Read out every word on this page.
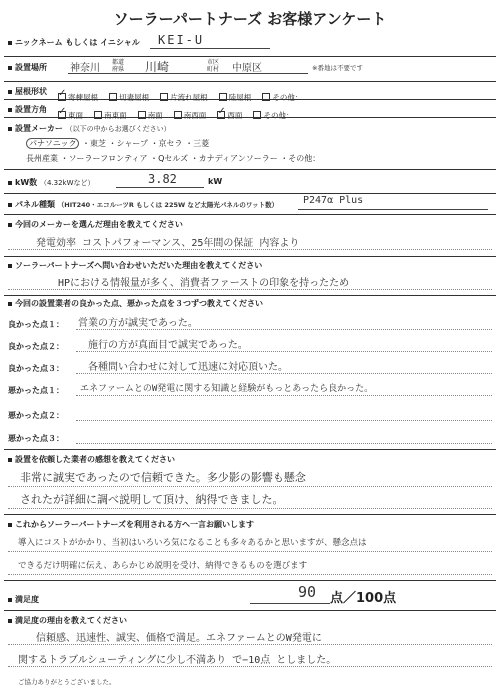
ソーラーパートナーズ お客様アンケート
ニックネーム もしくは イニシャル KEI-U
設置場所 神奈川
都道府県 川崎	市区町村 中原区	※番地は不要です
屋根形状
✓寄棟屋根	切妻屋根	片流れ屋根	陸屋根	その他：
設置方角
✓東面	南東面	南面	南西面 ✓	西面	その他：
設置メーカー （以下の中からお選びください）
パナソニック ・東芝 ・シャープ ・京セラ ・三菱
長州産業 ・ソーラーフロンティア ・Qセルズ ・カナディアンソーラー ・その他：
kW数 （4.32kWなど）	3.82	kW
パネル種類 （HIT240・エコルーツR もしくは 225W など太陽光パネルのワット数） P247α Plus
今回のメーカーを選んだ理由を教えてください
発電効率 コストパフォーマンス、25年間の保証 内容より
ソーラーパートナーズへ問い合わせいただいた理由を教えてください
HPにおける情報量が多く、消費者ファーストの印象を持ったため
今回の設置業者の良かった点、悪かった点を３つずつ教えてください
良かった点１： 営業の方が誠実であった。
良かった点２： 施行の方が真面目で誠実であった。
良かった点３： 各種問い合わせに対して迅速に対応頂いた。
悪かった点１： エネファームとのW発電に関する知識と経験がもっとあったら良かった。
悪かった点２：
悪かった点３：
設置を依頼した業者の感想を教えてください
非常に誠実であったので信頼できた。多少影の影響も懸念
されたが詳細に調べ説明して頂け、納得できました。
これからソーラーパートナーズを利用される方へ一言お願いします
導入にコストがかかり、当初はいろいろ気になることも多々あるかと思いますが、懸念点は
できるだけ明確に伝え、あらかじめ説明を受け、納得できるものを選びます
満足度	90 点／100点
満足度の理由を教えてください
信頼感、迅速性、誠実、価格で満足。エネファームとのW発電に
関するトラブルシューティングに少し不満あり で−10点 としました。
ご協力ありがとうございました。
